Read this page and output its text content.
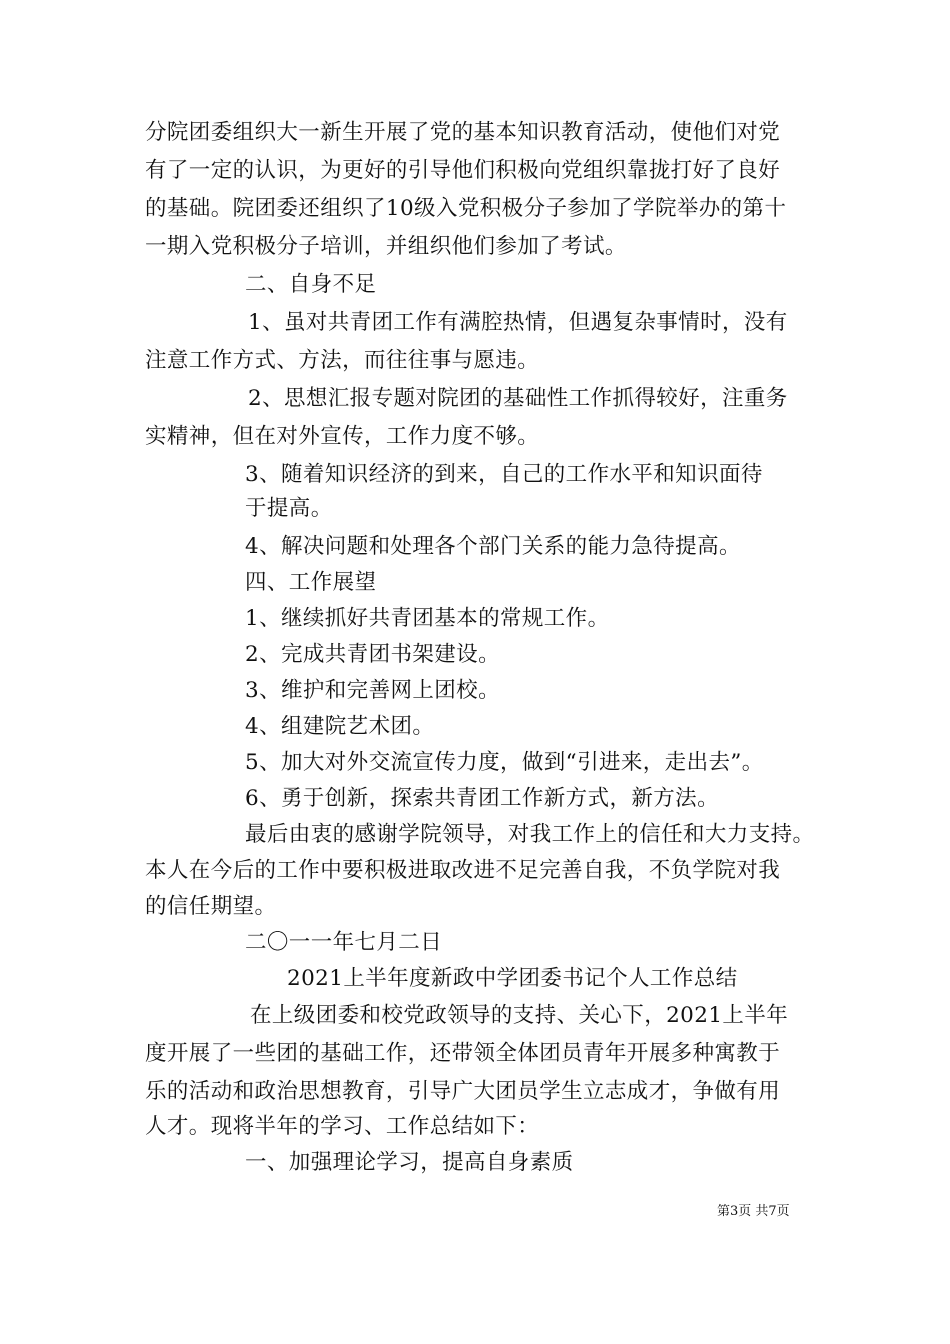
分院团委组织大一新生开展了党的基本知识教育活动，使他们对党
有了一定的认识，为更好的引导他们积极向党组织靠拢打好了良好
的基础。院团委还组织了10级入党积极分子参加了学院举办的第十
一期入党积极分子培训，并组织他们参加了考试。
二、自身不足
1、虽对共青团工作有满腔热情，但遇复杂事情时，没有
注意工作方式、方法，而往往事与愿违。
2、思想汇报专题对院团的基础性工作抓得较好，注重务
实精神，但在对外宣传，工作力度不够。
3、随着知识经济的到来，自己的工作水平和知识面待
于提高。
4、解决问题和处理各个部门关系的能力急待提高。
四、工作展望
1、继续抓好共青团基本的常规工作。
2、完成共青团书架建设。
3、维护和完善网上团校。
4、组建院艺术团。
5、加大对外交流宣传力度，做到“引进来，走出去”。
6、勇于创新，探索共青团工作新方式，新方法。
最后由衷的感谢学院领导，对我工作上的信任和大力支持。
本人在今后的工作中要积极进取改进不足完善自我，不负学院对我
的信任期望。
二〇一一年七月二日
2021上半年度新政中学团委书记个人工作总结
在上级团委和校党政领导的支持、关心下，2021上半年
度开展了一些团的基础工作，还带领全体团员青年开展多种寓教于
乐的活动和政治思想教育，引导广大团员学生立志成才，争做有用
人才。现将半年的学习、工作总结如下：
一、加强理论学习，提高自身素质
第3页 共7页
